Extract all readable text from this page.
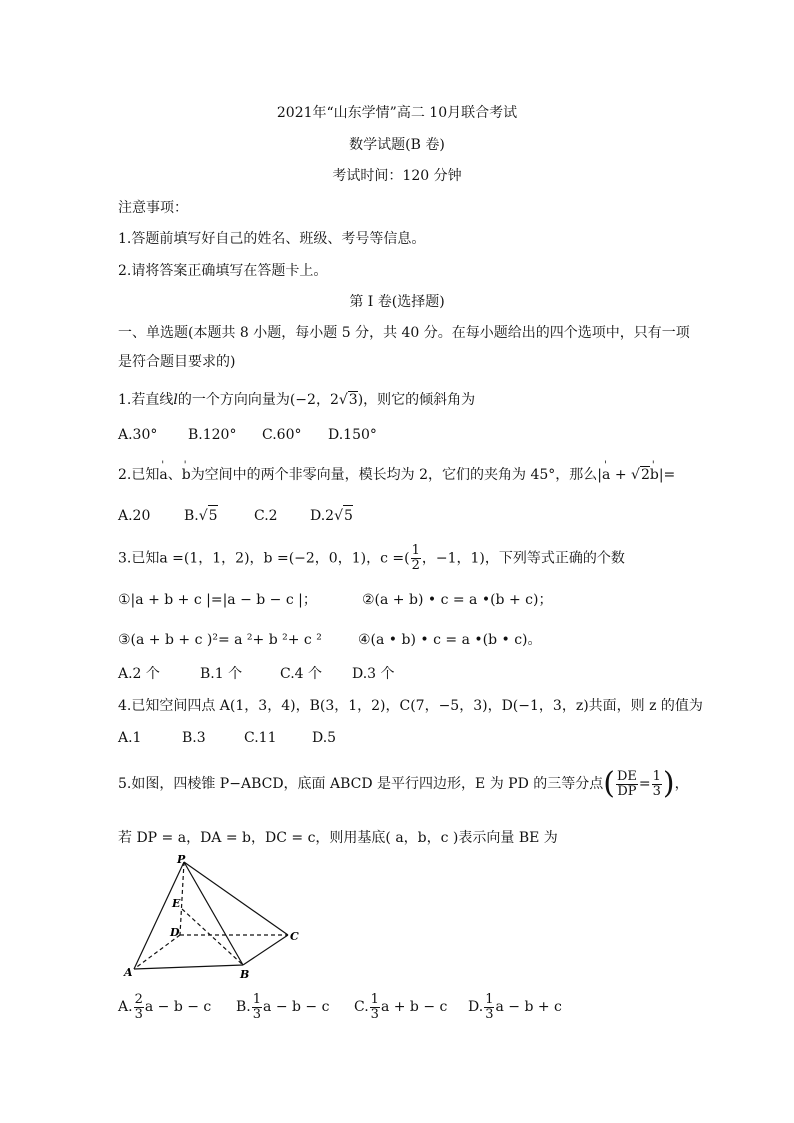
2021年“山东学情”高二 10月联合考试
数学试题(B 卷)
考试时间：120 分钟
注意事项：
1.答题前填写好自己的姓名、班级、考号等信息。
2.请将答案正确填写在答题卡上。
第 I 卷(选择题)
一、单选题(本题共 8 小题，每小题 5 分，共 40 分。在每小题给出的四个选项中，只有一项
是符合题目要求的)
1.若直线l的一个方向向量为(−2，2√3)，则它的倾斜角为
A.30° B.120° C.60° D.150°
2.已知' a、' b为空间中的两个非零向量，模长均为 2，它们的夹角为 45°，那么|' a + √2' b|=
A.20 B.√5	C.2 D.2√5
3.已知a =(1，1，2)，b =(−2，0，1)，c =( $\frac{1}{2}$ ，−1，1)，下列等式正确的个数
①|a + b + c |=|a − b − c |；	②(a + b) • c = a •(b + c)；
③(a + b + c )²= a ²+ b ²+ c ²	④(a • b) • c = a •(b • c)。
A.2 个	B.1 个	C.4 个 D.3 个
4.已知空间四点 A(1，3，4)，B(3，1，2)，C(7，−5，3)，D(−1，3，z)共面，则 z 的值为
A.1	B.3	C.11	D.5
5.如图，四棱锥 P−ABCD，底面 ABCD 是平行四边形，E 为 PD 的三等分点( $\frac{DE}{DP} = \frac{1}{3}$ )，
若 DP = a，DA = b，DC = c，则用基底( a，b，c )表示向量 BE 为
P
E
D	C
A	B
A. $\frac{2}{3}$ a − b − c B. $\frac{1}{3}$ a − b − c C. $\frac{1}{3}$ a + b − c D. $\frac{1}{3}$ a − b + c
